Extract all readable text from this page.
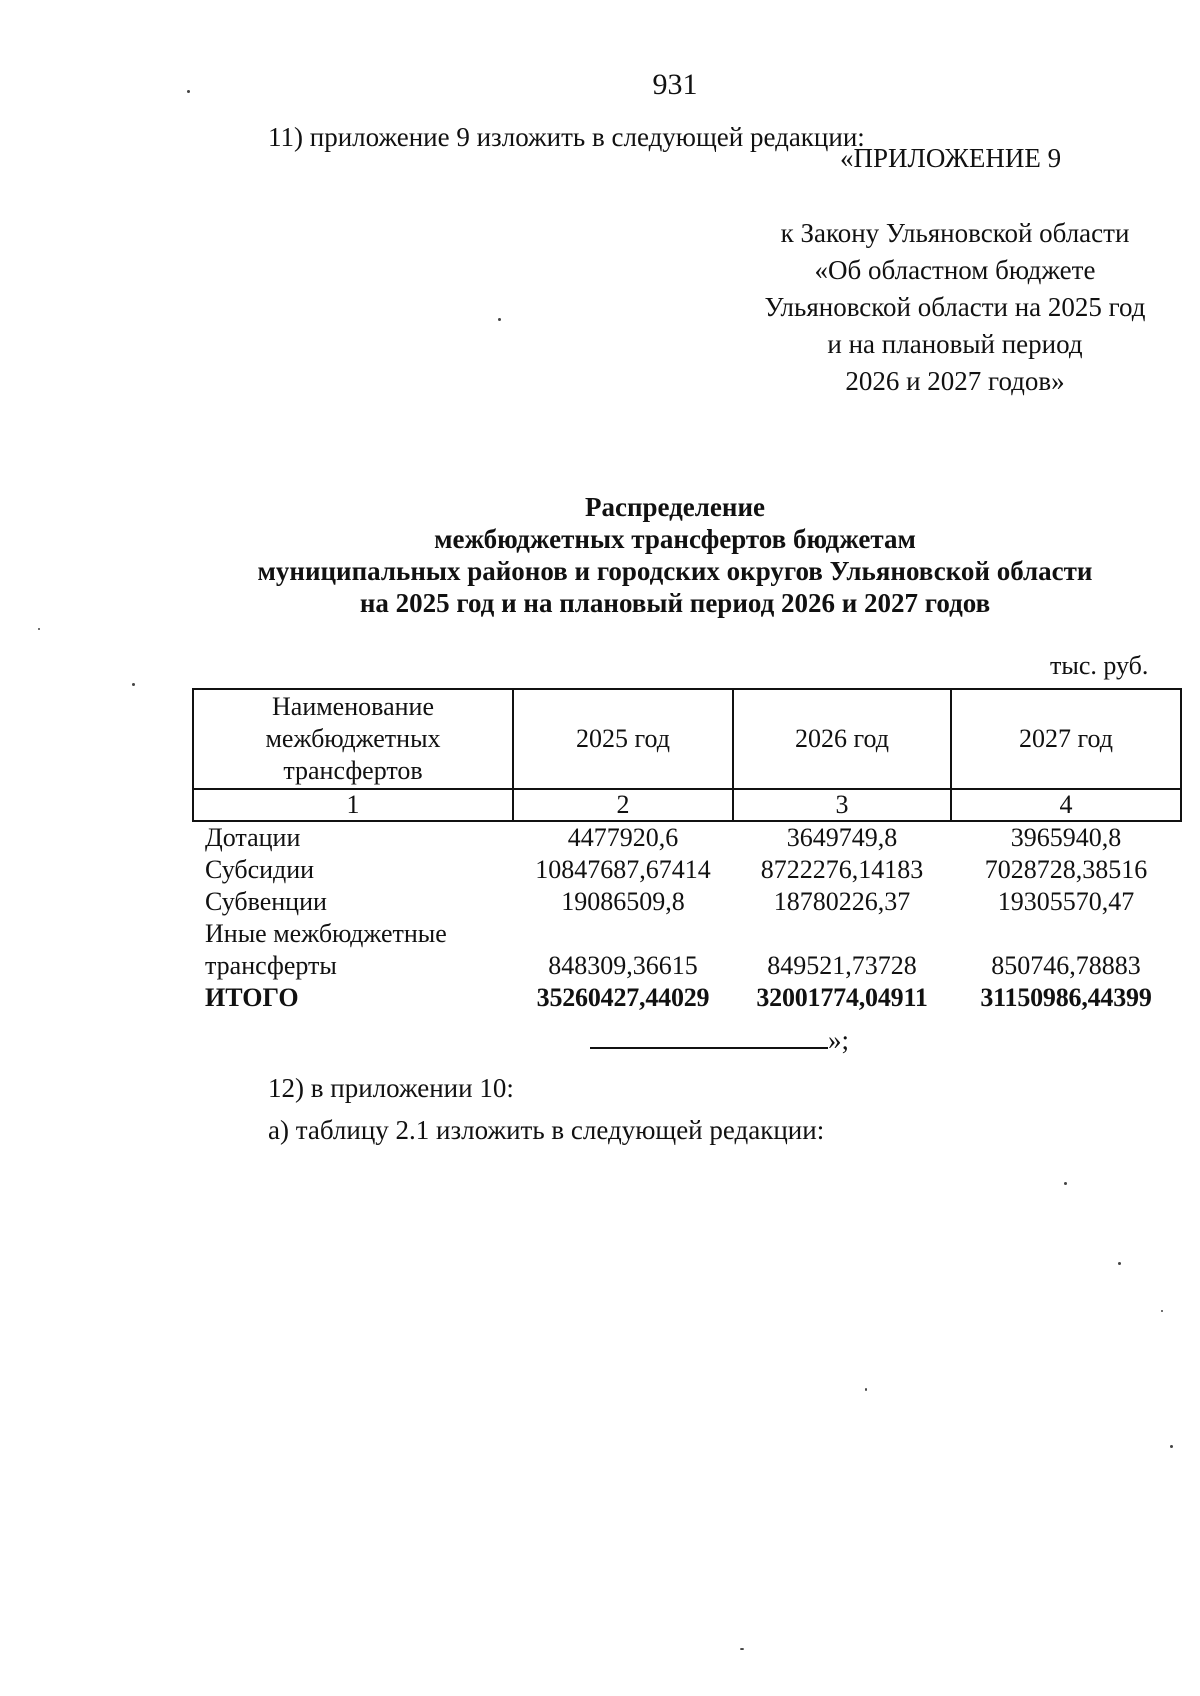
931
11) приложение 9 изложить в следующей редакции:
«ПРИЛОЖЕНИЕ 9
к Закону Ульяновской области
«Об областном бюджете
Ульяновской области на 2025 год
и на плановый период
2026 и 2027 годов»
Распределение
межбюджетных трансфертов бюджетам
муниципальных районов и городских округов Ульяновской области
на 2025 год и на плановый период 2026 и 2027 годов
тыс. руб.
Наименование межбюджетных трансфертов	2025 год	2026 год	2027 год
1	2	3	4
Дотации	4477920,6	3649749,8	3965940,8
Субсидии	10847687,67414	8722276,14183	7028728,38516
Субвенции	19086509,8	18780226,37	19305570,47

Иные межбюджетные
трансферты	848309,36615	849521,73728	850746,78883
ИТОГО	35260427,44029	32001774,04911	31150986,44399
»;
12) в приложении 10:
а) таблицу 2.1 изложить в следующей редакции:
